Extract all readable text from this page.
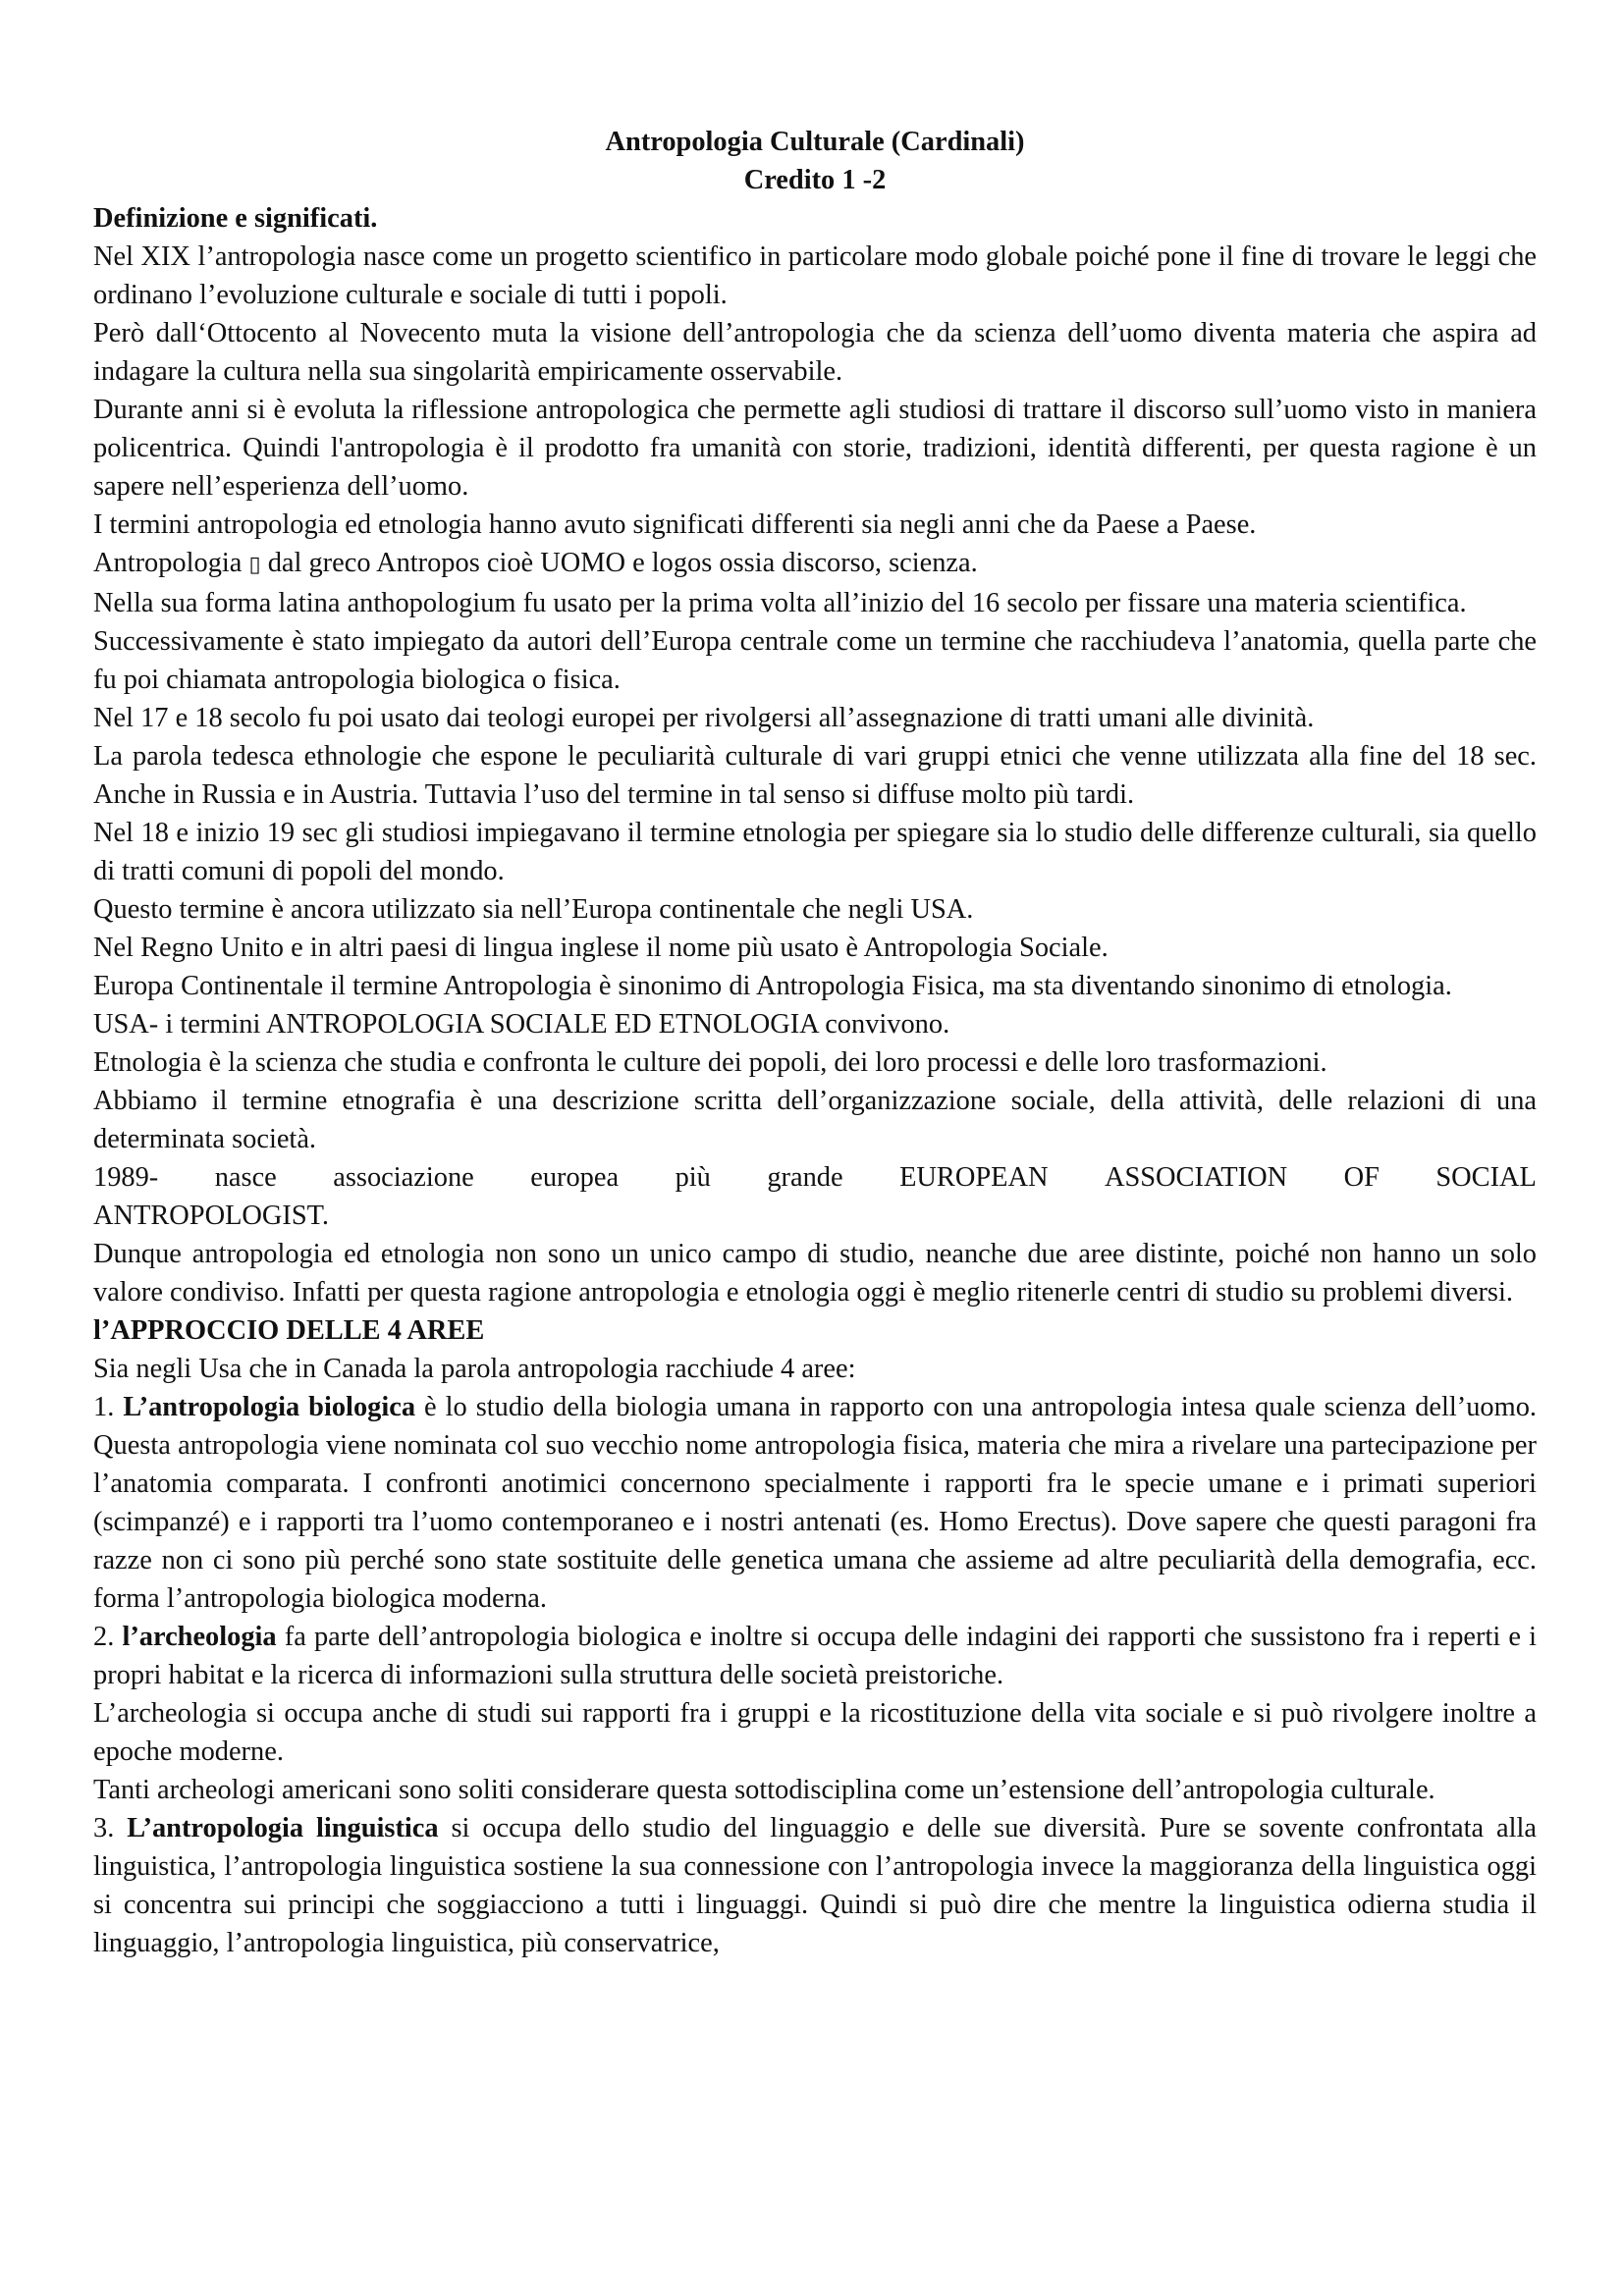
Antropologia Culturale (Cardinali)
Credito 1 -2
Definizione e significati.

Nel XIX l’antropologia nasce come un progetto scientifico in particolare modo globale poiché pone il fine di trovare le leggi che ordinano l’evoluzione culturale e sociale di tutti i popoli.

Però dall‘Ottocento al Novecento muta la visione dell’antropologia che da scienza dell’uomo diventa materia che aspira ad indagare la cultura nella sua singolarità empiricamente osservabile.

Durante anni si è evoluta la riflessione antropologica che permette agli studiosi di trattare il discorso sull’uomo visto in maniera policentrica. Quindi l'antropologia è il prodotto fra umanità con storie, tradizioni, identità differenti, per questa ragione è un sapere nell’esperienza dell’uomo.

I termini antropologia ed etnologia hanno avuto significati differenti sia negli anni che da Paese a Paese.

Antropologia ▯ dal greco Antropos cioè UOMO e logos ossia discorso, scienza.

Nella sua forma latina anthopologium fu usato per la prima volta all’inizio del 16 secolo per fissare una materia scientifica.

Successivamente è stato impiegato da autori dell’Europa centrale come un termine che racchiudeva l’anatomia, quella parte che fu poi chiamata antropologia biologica o fisica.

Nel 17 e 18 secolo fu poi usato dai teologi europei per rivolgersi all’assegnazione di tratti umani alle divinità.

La parola tedesca ethnologie che espone le peculiarità culturale di vari gruppi etnici che venne utilizzata alla fine del 18 sec. Anche in Russia e in Austria. Tuttavia l’uso del termine in tal senso si diffuse molto più tardi.

Nel 18 e inizio 19 sec gli studiosi impiegavano il termine etnologia per spiegare sia lo studio delle differenze culturali, sia quello di tratti comuni di popoli del mondo.

Questo termine è ancora utilizzato sia nell’Europa continentale che negli USA.

Nel Regno Unito e in altri paesi di lingua inglese il nome più usato è Antropologia Sociale.

Europa Continentale il termine Antropologia è sinonimo di Antropologia Fisica, ma sta diventando sinonimo di etnologia.

USA- i termini ANTROPOLOGIA SOCIALE ED ETNOLOGIA convivono.

Etnologia è la scienza che studia e confronta le culture dei popoli, dei loro processi e delle loro trasformazioni.

Abbiamo il termine etnografia è una descrizione scritta dell’organizzazione sociale, della attività, delle relazioni di una determinata società.

1989- nasce associazione europea più grande EUROPEAN ASSOCIATION OF SOCIAL

ANTROPOLOGIST.

Dunque antropologia ed etnologia non sono un unico campo di studio, neanche due aree distinte, poiché non hanno un solo valore condiviso. Infatti per questa ragione antropologia e etnologia oggi è meglio ritenerle centri di studio su problemi diversi.

l’APPROCCIO DELLE 4 AREE

Sia negli Usa che in Canada la parola antropologia racchiude 4 aree:

1. L’antropologia biologica è lo studio della biologia umana in rapporto con una antropologia intesa quale scienza dell’uomo. Questa antropologia viene nominata col suo vecchio nome antropologia fisica, materia che mira a rivelare una partecipazione per l’anatomia comparata. I confronti anotimici concernono specialmente i rapporti fra le specie umane e i primati superiori (scimpanzé) e i rapporti tra l’uomo contemporaneo e i nostri antenati (es. Homo Erectus). Dove sapere che questi paragoni fra razze non ci sono più perché sono state sostituite delle genetica umana che assieme ad altre peculiarità della demografia, ecc. forma l’antropologia biologica moderna.

2. l’archeologia fa parte dell’antropologia biologica e inoltre si occupa delle indagini dei rapporti che sussistono fra i reperti e i propri habitat e la ricerca di informazioni sulla struttura delle società preistoriche.

L’archeologia si occupa anche di studi sui rapporti fra i gruppi e la ricostituzione della vita sociale e si può rivolgere inoltre a epoche moderne.

Tanti archeologi americani sono soliti considerare questa sottodisciplina come un’estensione dell’antropologia culturale.

3. L’antropologia linguistica si occupa dello studio del linguaggio e delle sue diversità. Pure se sovente confrontata alla linguistica, l’antropologia linguistica sostiene la sua connessione con l’antropologia invece la maggioranza della linguistica oggi si concentra sui principi che soggiacciono a tutti i linguaggi. Quindi si può dire che mentre la linguistica odierna studia il linguaggio, l’antropologia linguistica, più conservatrice,
